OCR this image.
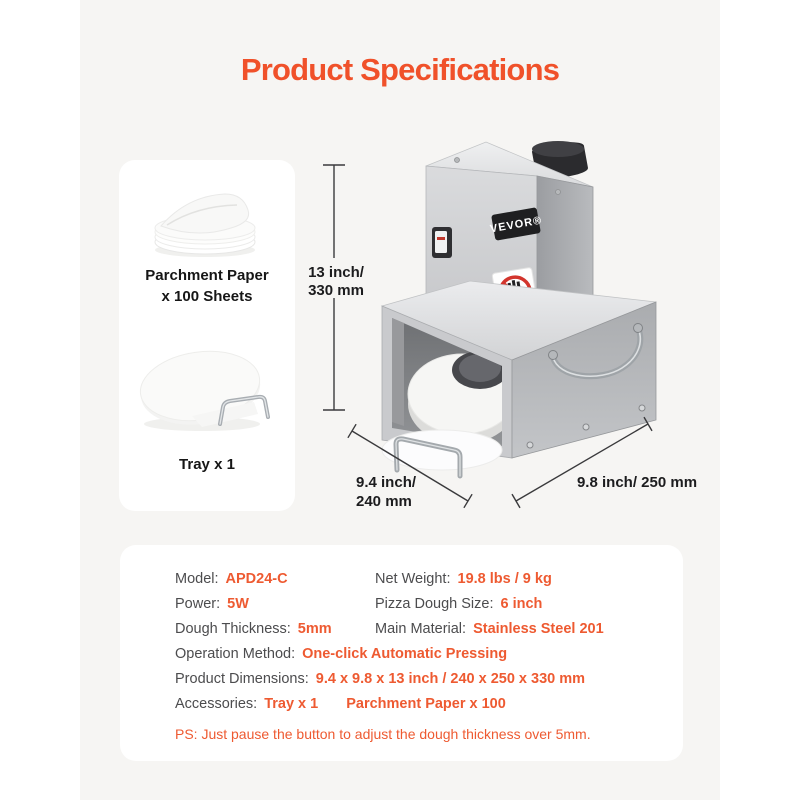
Product Specifications
Parchment Paper
x 100 Sheets
Tray x 1
VEVOR®
13 inch/
330 mm
9.4 inch/
240 mm
9.8 inch/ 250 mm
Model: APD24-C	Net Weight: 19.8 lbs / 9 kg
Power: 5W	Pizza Dough Size: 6 inch
Dough Thickness: 5mm	Main Material: Stainless Steel 201
Operation Method: One-click Automatic Pressing
Product Dimensions: 9.4 x 9.8 x 13 inch / 240 x 250 x 330 mm
Accessories: Tray x 1 Parchment Paper x 100
PS: Just pause the button to adjust the dough thickness over 5mm.
